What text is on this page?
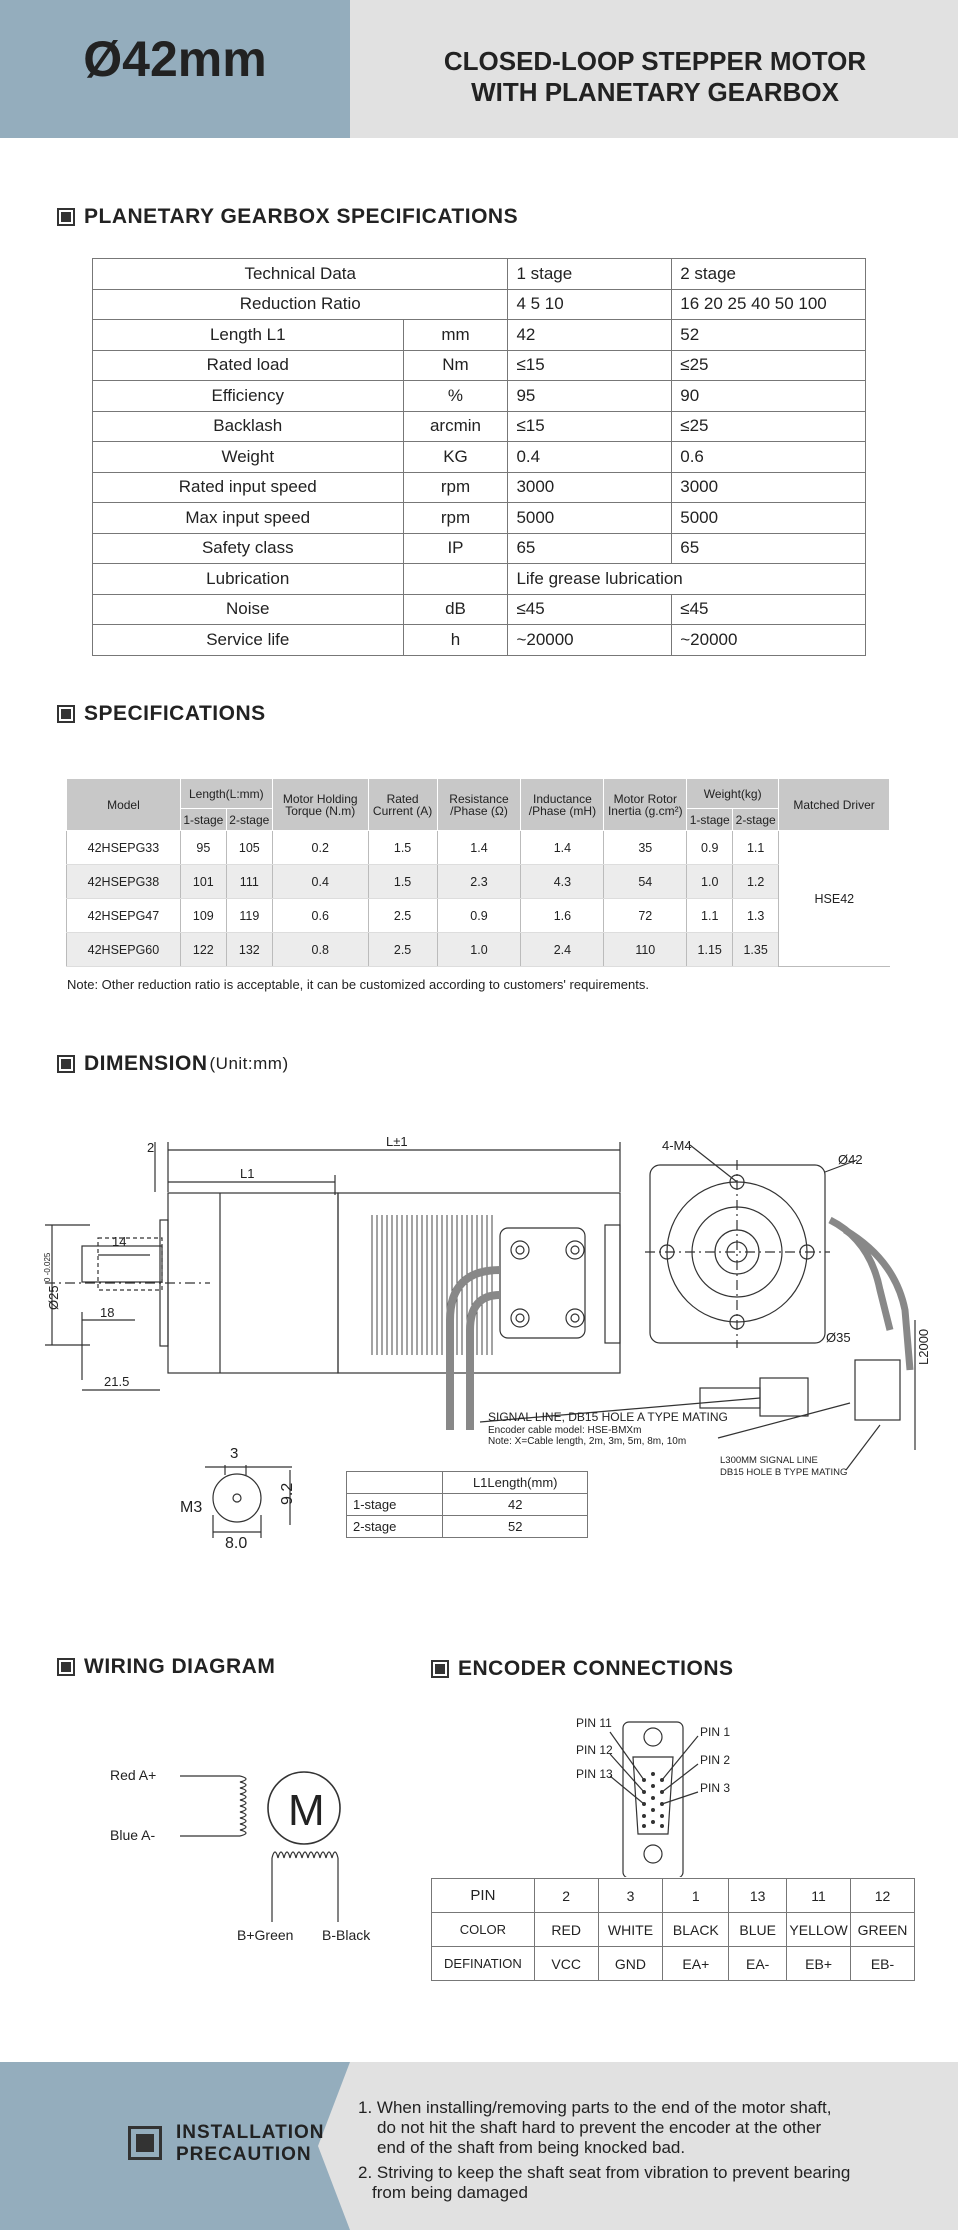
Ø42mm	CLOSED-LOOP STEPPER MOTOR
WITH PLANETARY GEARBOX
PLANETARY GEARBOX SPECIFICATIONS
Technical Data		1 stage	2 stage
Reduction Ratio		4 5 10	16 20 25 40 50 100
Length L1	mm	42	52
Rated load	Nm	≤15	≤25
Efficiency	%	95	90
Backlash	arcmin	≤15	≤25
Weight	KG	0.4	0.6
Rated input speed	rpm	3000	3000
Max input speed	rpm	5000	5000
Safety class	IP	65	65
Lubrication		Life grease lubrication	
Noise	dB	≤45	≤45
Service life	h	~20000	~20000
SPECIFICATIONS
Model	Length(L:mm)		Motor Holding Torque (N.m)	Rated Current (A)	Resistance /Phase (Ω)	Inductance /Phase (mH)	Motor Rotor Inertia (g.cm²)	Weight(kg)		Matched Driver
	1-stage	2-stage						1-stage	2-stage	
42HSEPG33	95	105	0.2	1.5	1.4	1.4	35	0.9	1.1	HSE42
42HSEPG38	101	111	0.4	1.5	2.3	4.3	54	1.0	1.2	
42HSEPG47	109	119	0.6	2.5	0.9	1.6	72	1.1	1.3	
42HSEPG60	122	132	0.8	2.5	1.0	2.4	110	1.15	1.35	
Note: Other reduction ratio is acceptable, it can be customized according to customers' requirements.
DIMENSION (Unit:mm)
2	L±1
L1
14
18
21.5
Ø25
0 -0.025
4-M4
Ø42
Ø35	L2000
SIGNAL LINE, DB15 HOLE A TYPE MATING
Encoder cable model: HSE-BMXm
Note: X=Cable length, 2m, 3m, 5m, 8m, 10m
L300MM SIGNAL LINE
DB15 HOLE B TYPE MATING
3
M3
9.2
8.0
	L1Length(mm)
1-stage	42
2-stage	52
WIRING DIAGRAM
Red A+
Blue A-
B+Green B-Black
M
ENCODER CONNECTIONS
PIN 11
PIN 12
PIN 13
PIN 1
PIN 2
PIN 3
PIN	2	3	1	13	11	12
COLOR	RED	WHITE	BLACK	BLUE	YELLOW	GREEN
DEFINATION	VCC	GND	EA+	EA-	EB+	EB-
INSTALLATION
PRECAUTION
1. When installing/removing parts to the end of the motor shaft,
do not hit the shaft hard to prevent the encoder at the other
end of the shaft from being knocked bad.
2. Striving to keep the shaft seat from vibration to prevent bearing
from being damaged
